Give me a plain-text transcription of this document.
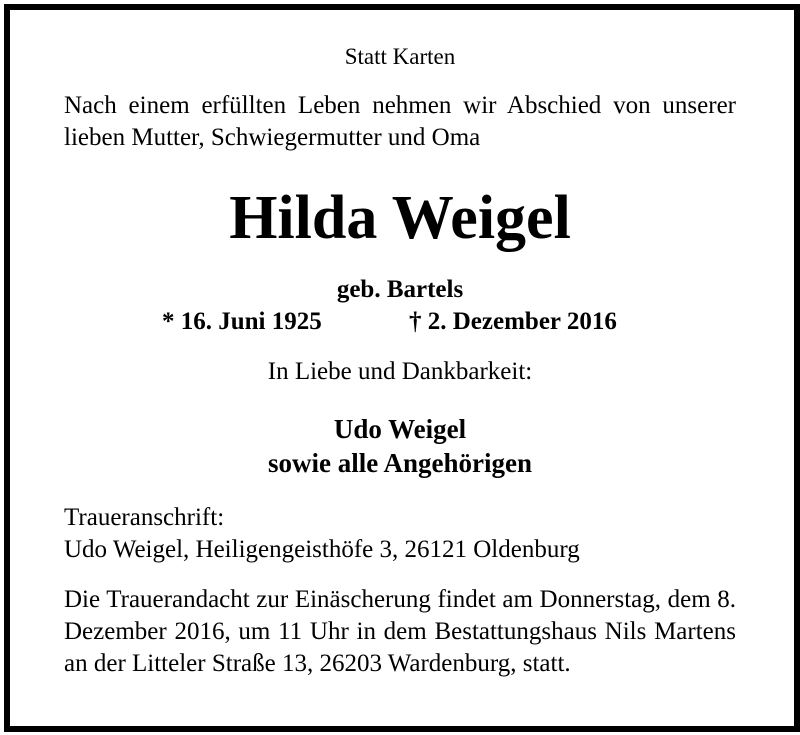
Statt Karten

Nach einem erfüllten Leben nehmen wir Abschied von unserer lieben Mutter, Schwiegermutter und Oma

Hilda Weigel
geb. Bartels
* 16. Juni 1925	† 2. Dezember 2016
In Liebe und Dankbarkeit:
Udo Weigel
sowie alle Angehörigen

Traueranschrift:

Udo Weigel, Heiligengeisthöfe 3, 26121 Oldenburg

Die Trauerandacht zur Einäscherung findet am Donnerstag, dem 8. Dezember 2016, um 11 Uhr in dem Bestattungshaus Nils Martens an der Litteler Straße 13, 26203 Wardenburg, statt.
